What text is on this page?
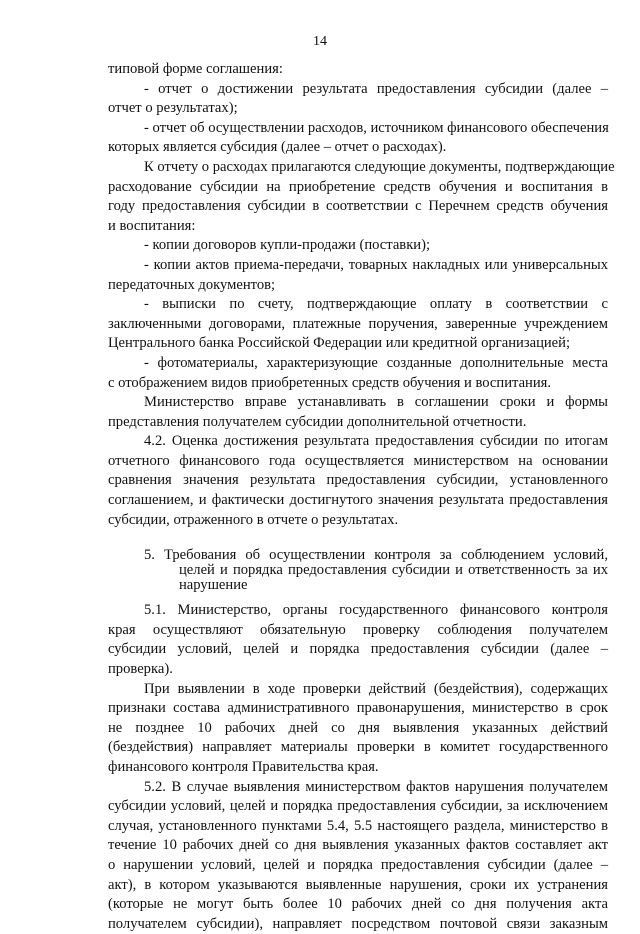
14
типовой форме соглашения:
- отчет о достижении результата предоставления субсидии (далее –
отчет о результатах);
- отчет об осуществлении расходов, источником финансового обеспечения
которых является субсидия (далее – отчет о расходах).
К отчету о расходах прилагаются следующие документы, подтверждающие
расходование субсидии на приобретение средств обучения и воспитания в
году предоставления субсидии в соответствии с Перечнем средств обучения
и воспитания:
- копии договоров купли-продажи (поставки);
- копии актов приема-передачи, товарных накладных или универсальных
передаточных документов;
- выписки по счету, подтверждающие оплату в соответствии с
заключенными договорами, платежные поручения, заверенные учреждением
Центрального банка Российской Федерации или кредитной организацией;
- фотоматериалы, характеризующие созданные дополнительные места
с отображением видов приобретенных средств обучения и воспитания.
Министерство вправе устанавливать в соглашении сроки и формы
представления получателем субсидии дополнительной отчетности.
4.2. Оценка достижения результата предоставления субсидии по итогам
отчетного финансового года осуществляется министерством на основании
сравнения значения результата предоставления субсидии, установленного
соглашением, и фактически достигнутого значения результата предоставления
субсидии, отраженного в отчете о результатах.
5. Требования об осуществлении контроля за соблюдением условий,
целей и порядка предоставления субсидии и ответственность за их
нарушение
5.1. Министерство, органы государственного финансового контроля
края осуществляют обязательную проверку соблюдения получателем
субсидии условий, целей и порядка предоставления субсидии (далее –
проверка).
При выявлении в ходе проверки действий (бездействия), содержащих
признаки состава административного правонарушения, министерство в срок
не позднее 10 рабочих дней со дня выявления указанных действий
(бездействия) направляет материалы проверки в комитет государственного
финансового контроля Правительства края.
5.2. В случае выявления министерством фактов нарушения получателем
субсидии условий, целей и порядка предоставления субсидии, за исключением
случая, установленного пунктами 5.4, 5.5 настоящего раздела, министерство в
течение 10 рабочих дней со дня выявления указанных фактов составляет акт
о нарушении условий, целей и порядка предоставления субсидии (далее –
акт), в котором указываются выявленные нарушения, сроки их устранения
(которые не могут быть более 10 рабочих дней со дня получения акта
получателем субсидии), направляет посредством почтовой связи заказным
